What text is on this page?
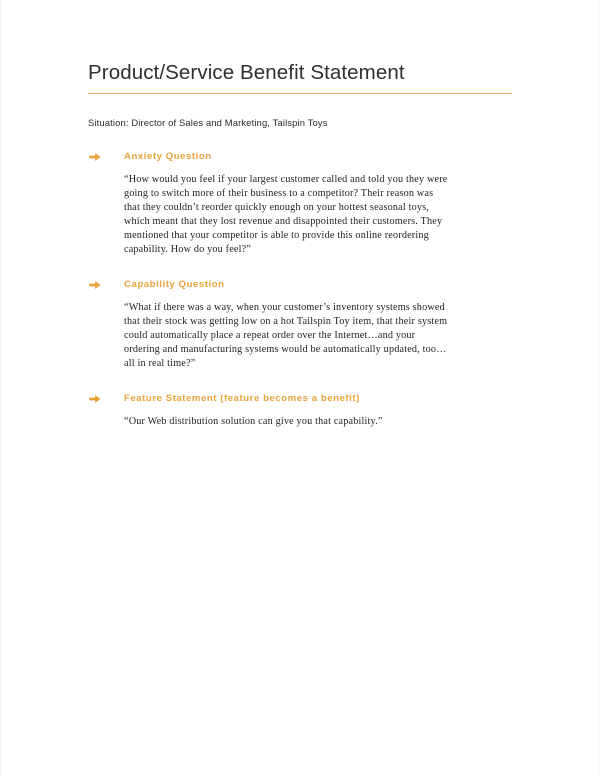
Product/Service Benefit Statement

Situation: Director of Sales and Marketing, Tailspin Toys

Anxiety Question

“How would you feel if your largest customer called and told you they were
going to switch more of their business to a competitor? Their reason was
that they couldn’t reorder quickly enough on your hottest seasonal toys,
which meant that they lost revenue and disappointed their customers. They
mentioned that your competitor is able to provide this online reordering
capability. How do you feel?”

Capability Question

“What if there was a way, when your customer’s inventory systems showed
that their stock was getting low on a hot Tailspin Toy item, that their system
could automatically place a repeat order over the Internet…and your
ordering and manufacturing systems would be automatically updated, too…
all in real time?”

Feature Statement (feature becomes a benefit)

“Our Web distribution solution can give you that capability.”
